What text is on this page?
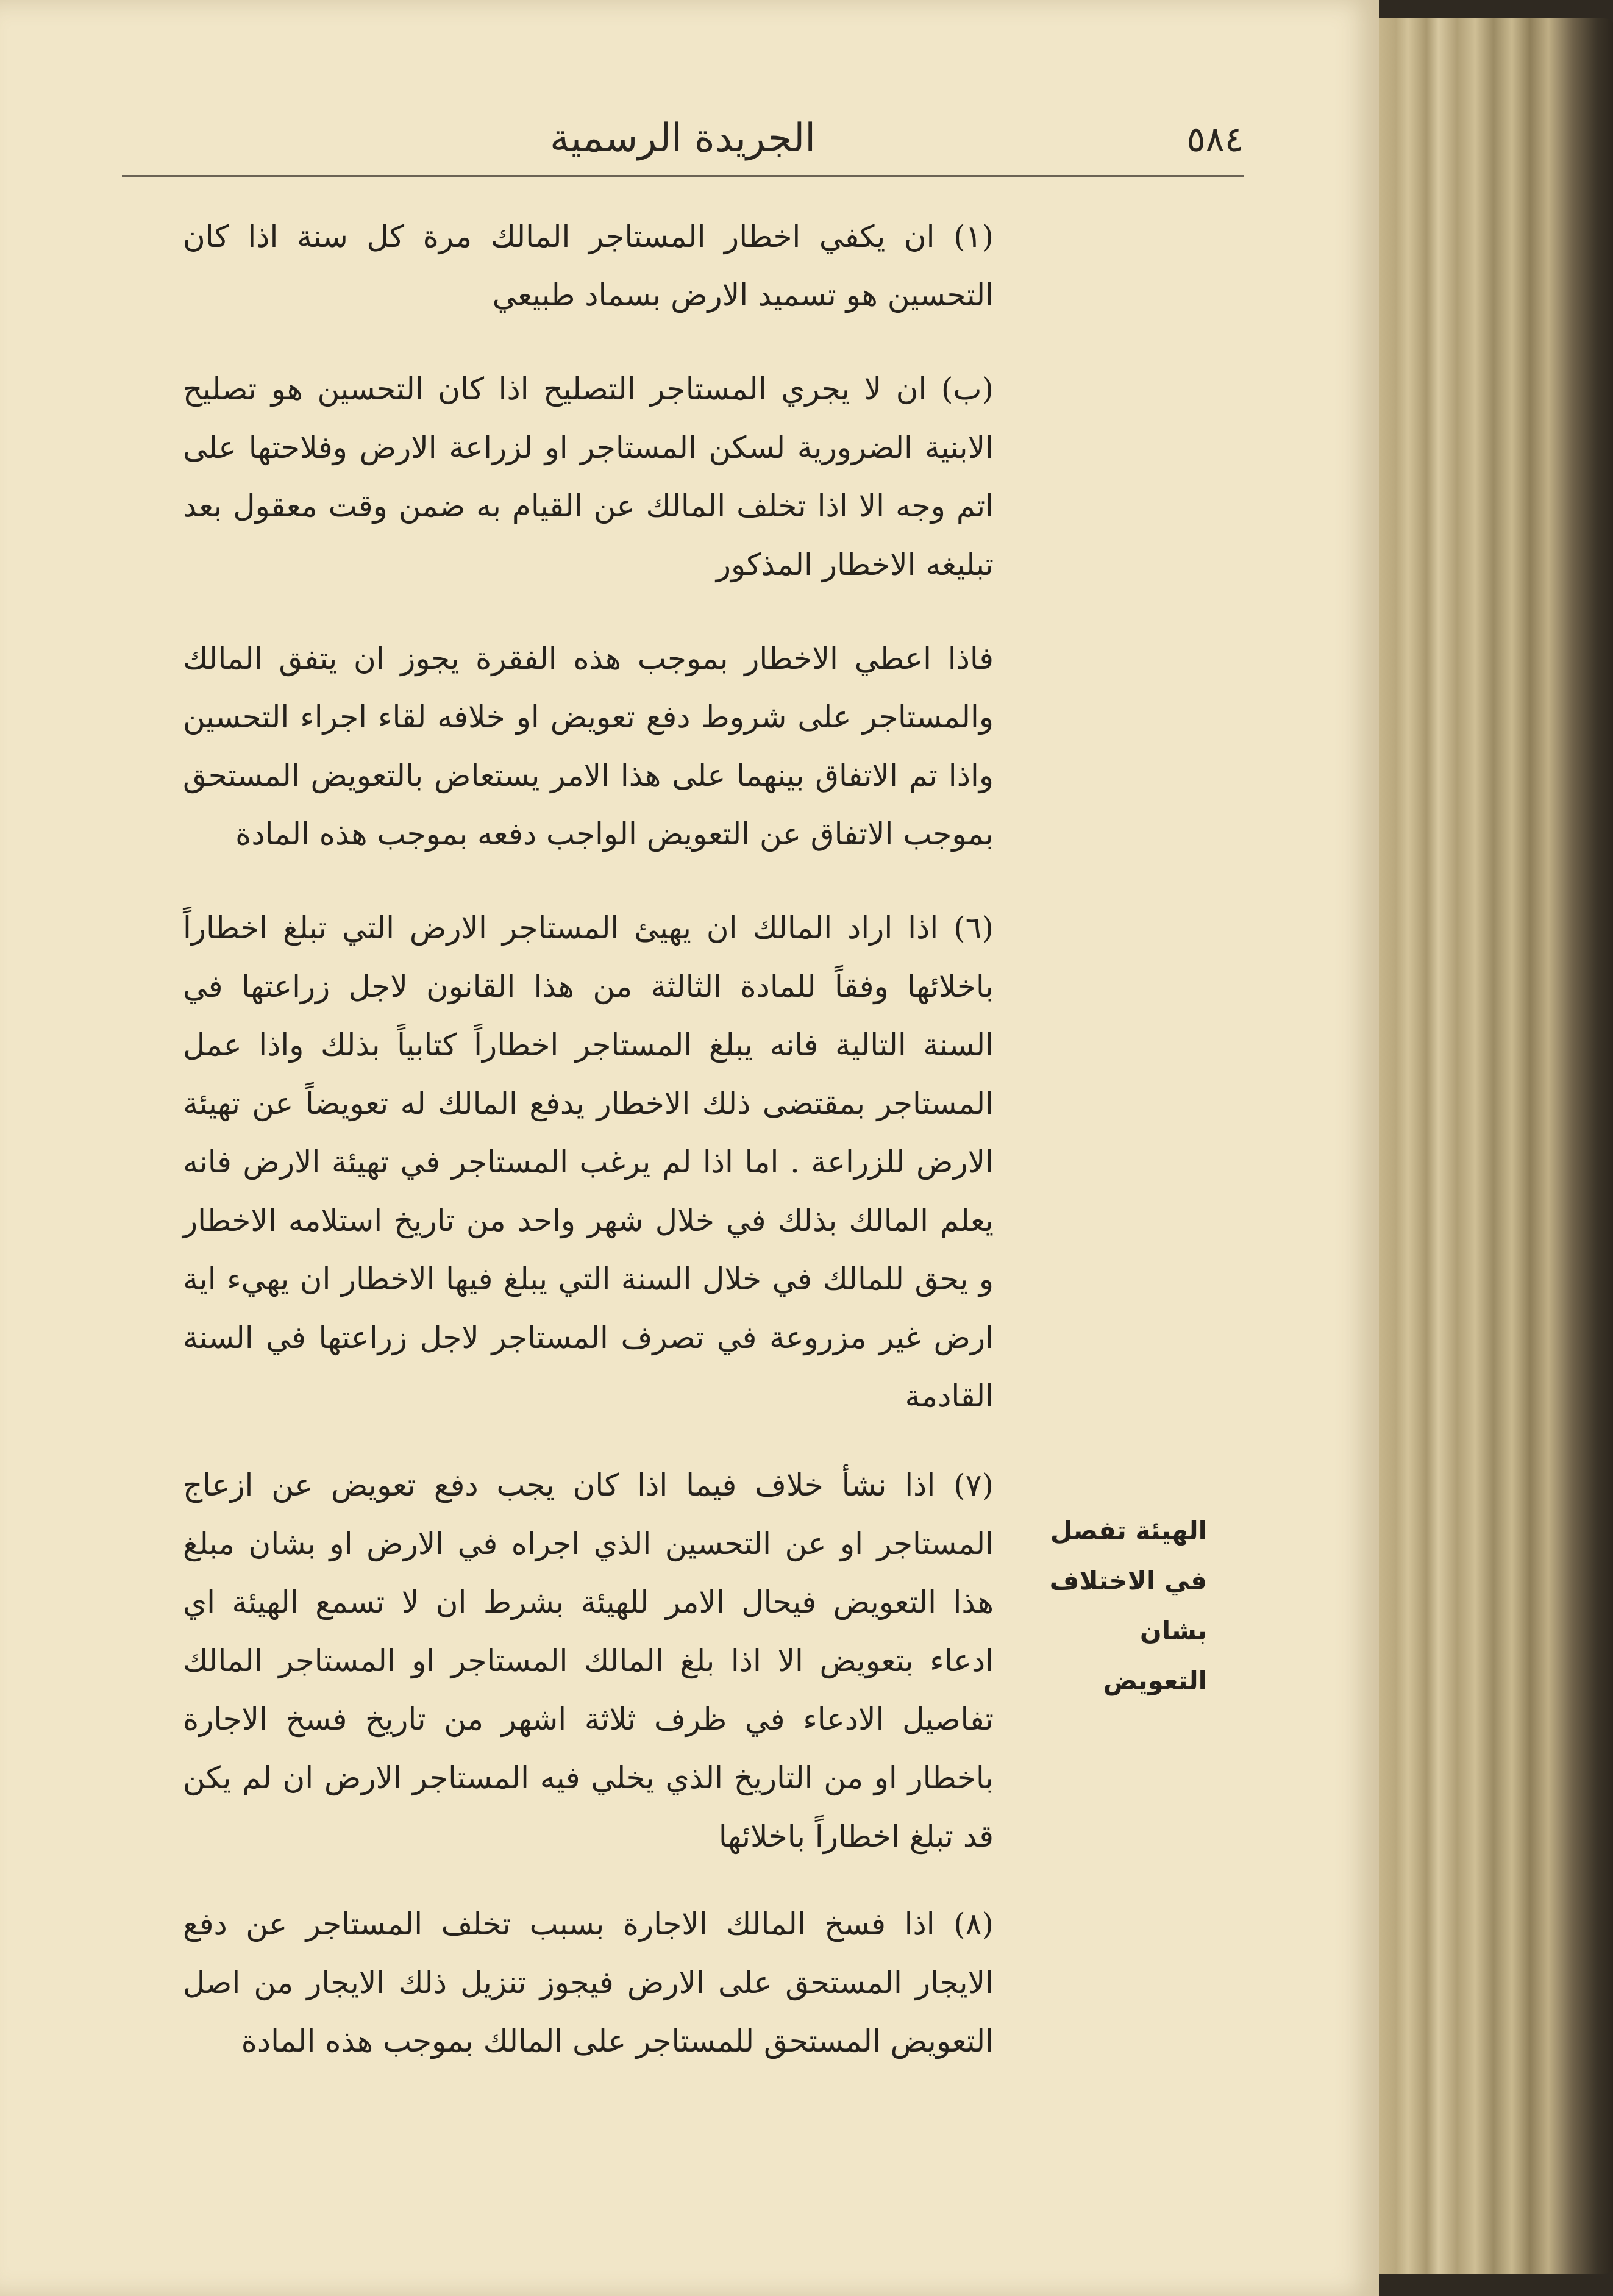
٥٨٤
الجريدة الرسمية

(١) ان يكفي اخطار المستاجر المالك مرة كل سنة اذا كان التحسين هو تسميد الارض بسماد طبيعي

(ب) ان لا يجري المستاجر التصليح اذا كان التحسين هو تصليح الابنية الضرورية لسكن المستاجر او لزراعة الارض وفلاحتها على اتم وجه الا اذا تخلف المالك عن القيام به ضمن وقت معقول بعد تبليغه الاخطار المذكور

فاذا اعطي الاخطار بموجب هذه الفقرة يجوز ان يتفق المالك والمستاجر على شروط دفع تعويض او خلافه لقاء اجراء التحسين واذا تم الاتفاق بينهما على هذا الامر يستعاض بالتعويض المستحق بموجب الاتفاق عن التعويض الواجب دفعه بموجب هذه المادة

(٦) اذا اراد المالك ان يهيئ المستاجر الارض التي تبلغ اخطاراً باخلائها وفقاً للمادة الثالثة من هذا القانون لاجل زراعتها في السنة التالية فانه يبلغ المستاجر اخطاراً كتابياً بذلك واذا عمل المستاجر بمقتضى ذلك الاخطار يدفع المالك له تعويضاً عن تهيئة الارض للزراعة . اما اذا لم يرغب المستاجر في تهيئة الارض فانه يعلم المالك بذلك في خلال شهر واحد من تاريخ استلامه الاخطار و يحق للمالك في خلال السنة التي يبلغ فيها الاخطار ان يهيء اية ارض غير مزروعة في تصرف المستاجر لاجل زراعتها في السنة القادمة

(٧) اذا نشأ خلاف فيما اذا كان يجب دفع تعويض عن ازعاج المستاجر او عن التحسين الذي اجراه في الارض او بشان مبلغ هذا التعويض فيحال الامر للهيئة بشرط ان لا تسمع الهيئة اي ادعاء بتعويض الا اذا بلغ المالك المستاجر او المستاجر المالك تفاصيل الادعاء في ظرف ثلاثة اشهر من تاريخ فسخ الاجارة باخطار او من التاريخ الذي يخلي فيه المستاجر الارض ان لم يكن قد تبلغ اخطاراً باخلائها

(٨) اذا فسخ المالك الاجارة بسبب تخلف المستاجر عن دفع الايجار المستحق على الارض فيجوز تنزيل ذلك الايجار من اصل التعويض المستحق للمستاجر على المالك بموجب هذه المادة

الهيئة تفصل في الاختلاف بشان التعويض
